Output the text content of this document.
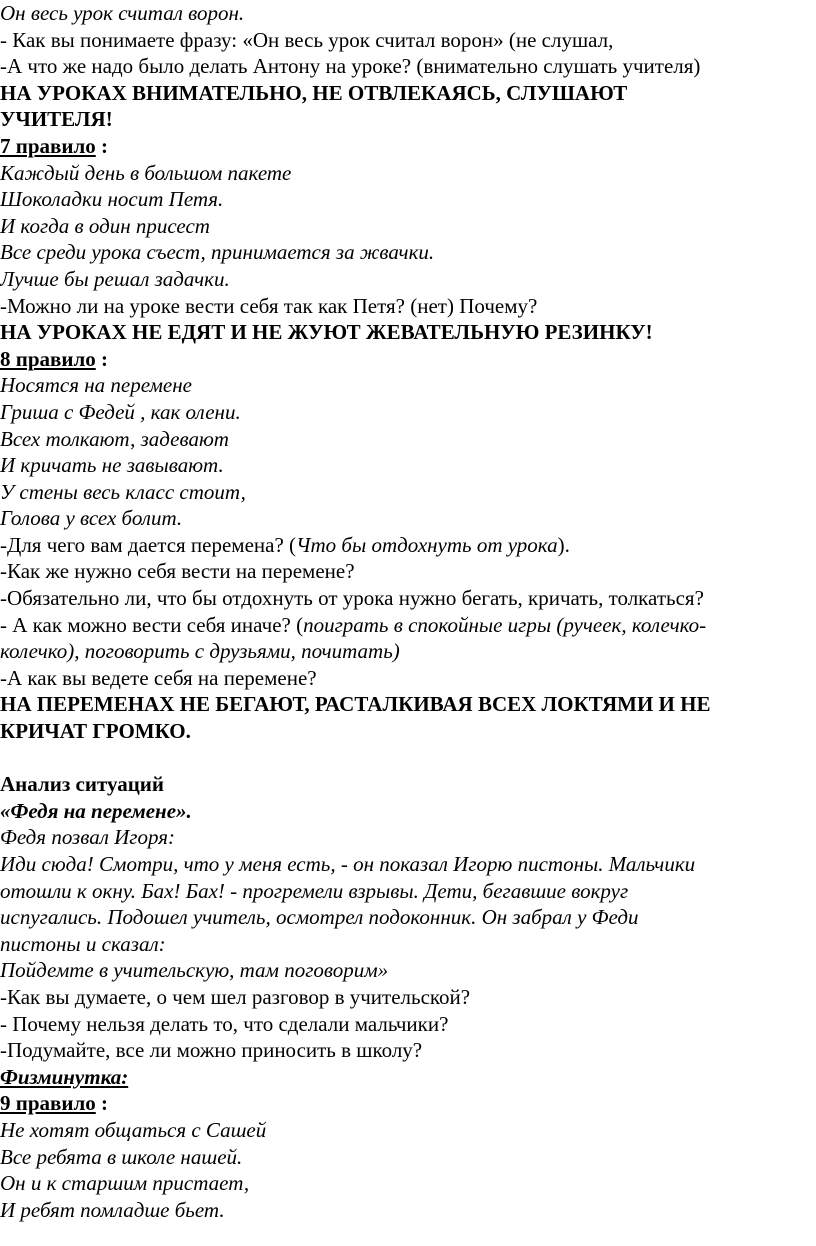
Он весь урок считал ворон.

- Как вы понимаете фразу: «Он весь урок считал ворон» (не слушал,

-А что же надо было делать Антону на уроке? (внимательно слушать учителя)

НА УРОКАХ ВНИМАТЕЛЬНО, НЕ ОТВЛЕКАЯСЬ, СЛУШАЮТ

УЧИТЕЛЯ!

7 правило :

Каждый день в большом пакете

Шоколадки носит Петя.

И когда в один присест

Все среди урока съест, принимается за жвачки.

Лучше бы решал задачки.

-Можно ли на уроке вести себя так как Петя? (нет) Почему?

НА УРОКАХ НЕ ЕДЯТ И НЕ ЖУЮТ ЖЕВАТЕЛЬНУЮ РЕЗИНКУ!

8 правило :

Носятся на перемене

Гриша с Федей , как олени.

Всех толкают, задевают

И кричать не завывают.

У стены весь класс стоит,

Голова у всех болит.

-Для чего вам дается перемена? (Что бы отдохнуть от урока).

-Как же нужно себя вести на перемене?

-Обязательно ли, что бы отдохнуть от урока нужно бегать, кричать, толкаться?

- А как можно вести себя иначе? (поиграть в спокойные игры (ручеек, колечко-

колечко), поговорить с друзьями, почитать)

-А как вы ведете себя на перемене?

НА ПЕРЕМЕНАХ НЕ БЕГАЮТ, РАСТАЛКИВАЯ ВСЕХ ЛОКТЯМИ И НЕ

КРИЧАТ ГРОМКО.

Анализ ситуаций

«Федя на перемене».

Федя позвал Игоря:

Иди сюда! Смотри, что у меня есть, - он показал Игорю пистоны. Мальчики

отошли к окну. Бах! Бах! - прогремели взрывы. Дети, бегавшие вокруг

испугались. Подошел учитель, осмотрел подоконник. Он забрал у Феди

пистоны и сказал:

Пойдемте в учительскую, там поговорим»

-Как вы думаете, о чем шел разговор в учительской?

- Почему нельзя делать то, что сделали мальчики?

-Подумайте, все ли можно приносить в школу?

Физминутка:

9 правило :

Не хотят общаться с Сашей

Все ребята в школе нашей.

Он и к старшим пристает,

И ребят помладше бьет.
